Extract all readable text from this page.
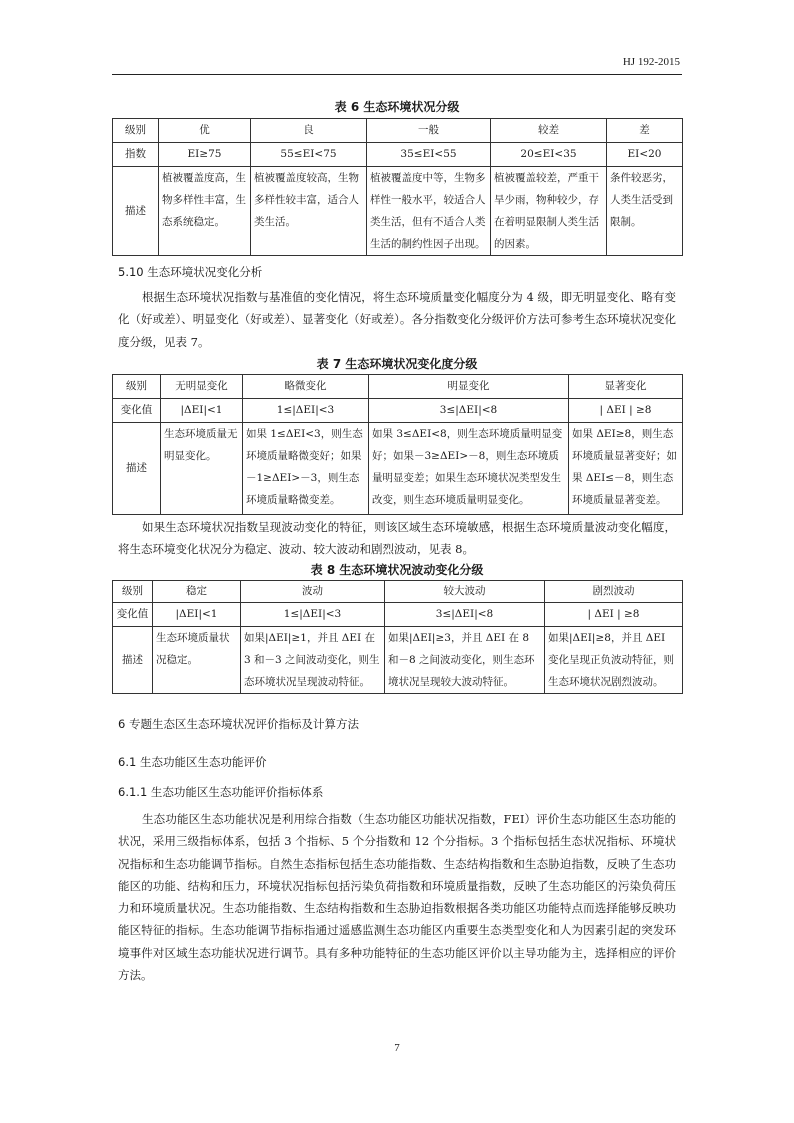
HJ 192-2015
表 6 生态环境状况分级
级别	优	良	一般	较差	差
指数	EI≥75	55≤EI<75	35≤EI<55	20≤EI<35	EI<20
描述	植被覆盖度高，生物多样性丰富，生态系统稳定。	植被覆盖度较高，生物多样性较丰富，适合人类生活。	植被覆盖度中等，生物多样性一般水平，较适合人类生活，但有不适合人类生活的制约性因子出现。	植被覆盖较差，严重干旱少雨，物种较少，存在着明显限制人类生活的因素。	条件较恶劣，人类生活受到限制。
5.10 生态环境状况变化分析

根据生态环境状况指数与基准值的变化情况，将生态环境质量变化幅度分为 4 级，即无明显变化、略有变化（好或差）、明显变化（好或差）、显著变化（好或差）。各分指数变化分级评价方法可参考生态环境状况变化度分级，见表 7。

表 7 生态环境状况变化度分级
级别	无明显变化	略微变化	明显变化	显著变化
变化值	|ΔEI|<1	1≤|ΔEI|<3	3≤|ΔEI|<8	| ΔEI | ≥8
描述	生态环境质量无明显变化。	如果 1≤ΔEI<3，则生态环境质量略微变好；如果－1≥ΔEI>－3，则生态环境质量略微变差。	如果 3≤ΔEI<8，则生态环境质量明显变好；如果－3≥ΔEI>－8，则生态环境质量明显变差；如果生态环境状况类型发生改变，则生态环境质量明显变化。	如果 ΔEI≥8，则生态环境质量显著变好；如果 ΔEI≤－8，则生态环境质量显著变差。

如果生态环境状况指数呈现波动变化的特征，则该区域生态环境敏感，根据生态环境质量波动变化幅度，将生态环境变化状况分为稳定、波动、较大波动和剧烈波动，见表 8。

表 8 生态环境状况波动变化分级
级别	稳定	波动	较大波动	剧烈波动
变化值	|ΔEI|<1	1≤|ΔEI|<3	3≤|ΔEI|<8	| ΔEI | ≥8
描述	生态环境质量状况稳定。	如果|ΔEI|≥1，并且 ΔEI 在 3 和－3 之间波动变化，则生态环境状况呈现波动特征。	如果|ΔEI|≥3，并且 ΔEI 在 8 和－8 之间波动变化，则生态环境状况呈现较大波动特征。	如果|ΔEI|≥8，并且 ΔEI 变化呈现正负波动特征，则生态环境状况剧烈波动。
6 专题生态区生态环境状况评价指标及计算方法
6.1 生态功能区生态功能评价
6.1.1 生态功能区生态功能评价指标体系

生态功能区生态功能状况是利用综合指数（生态功能区功能状况指数，FEI）评价生态功能区生态功能的状况，采用三级指标体系，包括 3 个指标、5 个分指数和 12 个分指标。3 个指标包括生态状况指标、环境状况指标和生态功能调节指标。自然生态指标包括生态功能指数、生态结构指数和生态胁迫指数，反映了生态功能区的功能、结构和压力，环境状况指标包括污染负荷指数和环境质量指数，反映了生态功能区的污染负荷压力和环境质量状况。生态功能指数、生态结构指数和生态胁迫指数根据各类功能区功能特点而选择能够反映功能区特征的指标。生态功能调节指标指通过遥感监测生态功能区内重要生态类型变化和人为因素引起的突发环境事件对区域生态功能状况进行调节。具有多种功能特征的生态功能区评价以主导功能为主，选择相应的评价方法。

7
